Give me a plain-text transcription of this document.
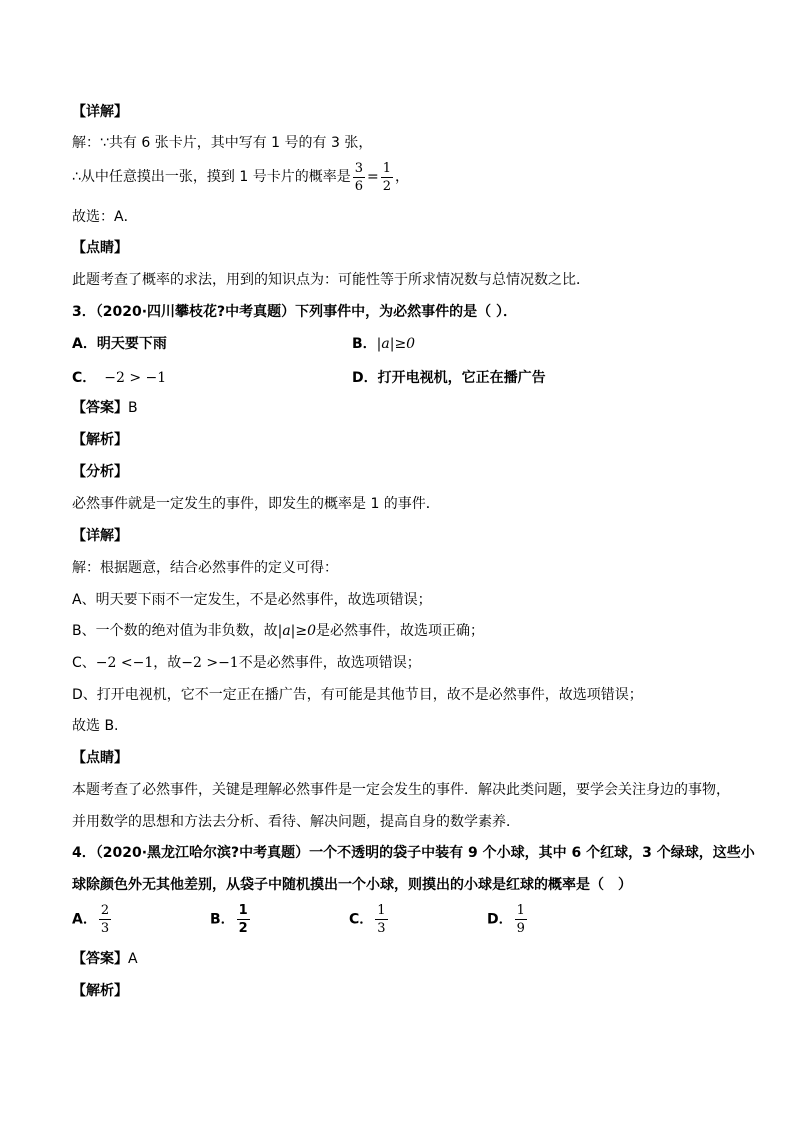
【详解】
解：∵共有 6 张卡片，其中写有 1 号的有 3 张，
∴从中任意摸出一张，摸到 1 号卡片的概率是 $\frac{3}{6} = \frac{1}{2}$ ，
故选：A．
【点睛】
此题考查了概率的求法，用到的知识点为：可能性等于所求情况数与总情况数之比．
3．（2020·四川攀枝花?中考真题）下列事件中，为必然事件的是（ ）．
A．明天要下雨	B．|a|≥0
C． −2 > −1	D．打开电视机，它正在播广告
【答案】B
【解析】
【分析】
必然事件就是一定发生的事件，即发生的概率是 1 的事件．
【详解】
解：根据题意，结合必然事件的定义可得：
A、明天要下雨不一定发生，不是必然事件，故选项错误；
B、一个数的绝对值为非负数，故|a|≥0是必然事件，故选项正确；
C、−2 <−1，故−2 >−1不是必然事件，故选项错误；
D、打开电视机，它不一定正在播广告，有可能是其他节目，故不是必然事件，故选项错误；
故选 B.
【点睛】
本题考查了必然事件，关键是理解必然事件是一定会发生的事件．解决此类问题，要学会关注身边的事物，
并用数学的思想和方法去分析、看待、解决问题，提高自身的数学素养．
4．（2020·黑龙江哈尔滨?中考真题）一个不透明的袋子中装有 9 个小球，其中 6 个红球，3 个绿球，这些小
球除颜色外无其他差别，从袋子中随机摸出一个小球，则摸出的小球是红球的概率是（　）
A． $\frac{2}{3}$	B． $\frac{1}{2}$	C． $\frac{1}{3}$	D． $\frac{1}{9}$
【答案】A
【解析】
